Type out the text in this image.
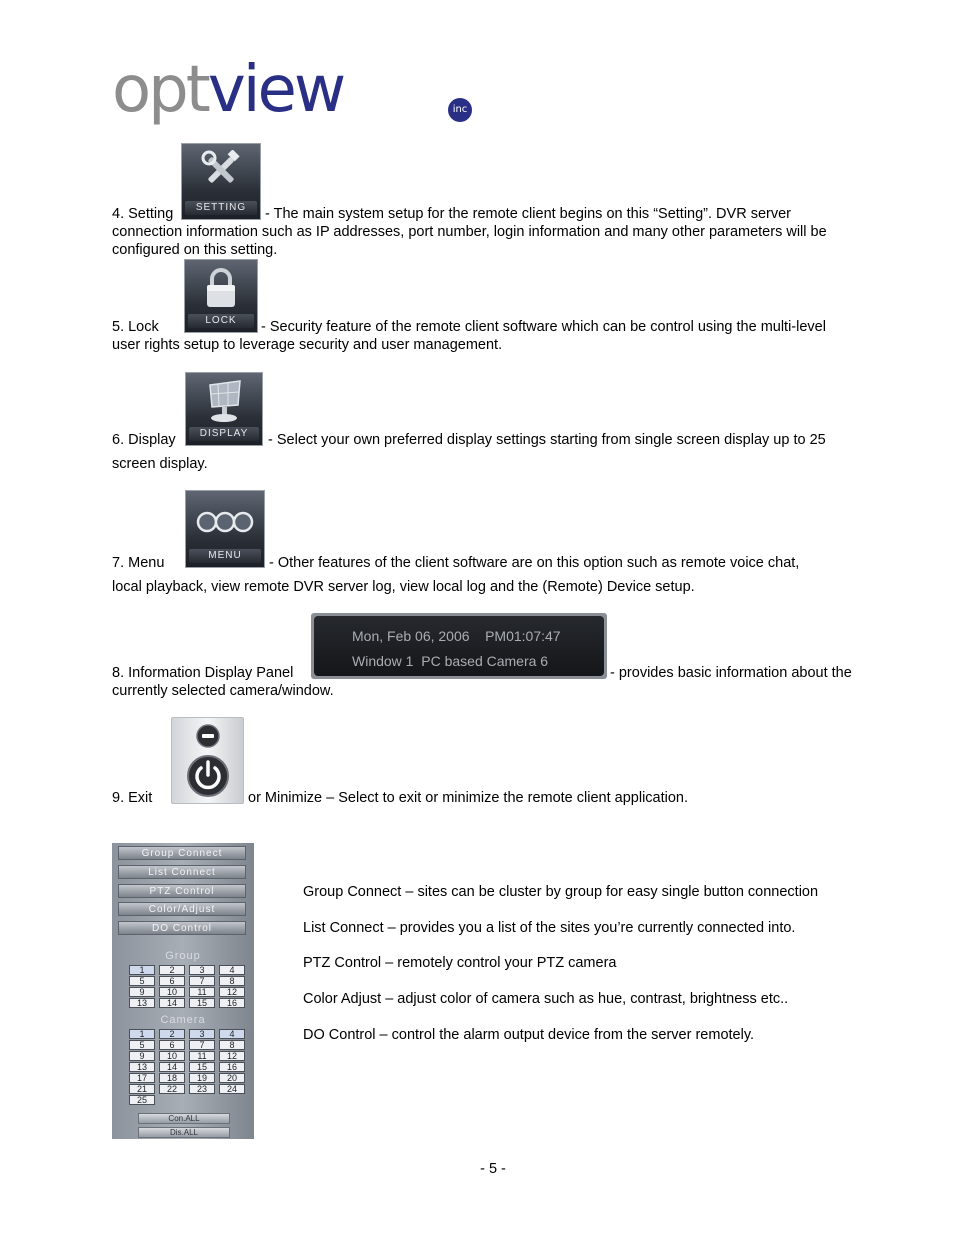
optview	inc
SETTING
4. Setting	- The main system setup for the remote client begins on this “Setting”. DVR server
connection information such as IP addresses, port number, login information and many other parameters will be configured on this setting.
LOCK
5. Lock	- Security feature of the remote client software which can be control using the multi-level
user rights setup to leverage security and user management.
DISPLAY
6. Display	- Select your own preferred display settings starting from single screen display up to 25
screen display.
MENU
7. Menu	- Other features of the client software are on this option such as remote voice chat,
local playback, view remote DVR server log, view local log and the (Remote) Device setup.
Mon, Feb 06, 2006    PM01:07:47
Window 1  PC based Camera 6
8. Information Display Panel	- provides basic information about the
currently selected camera/window.
9. Exit	or Minimize – Select to exit or minimize the remote client application.
Group Connect
List Connect
PTZ Control
Color/Adjust
DO Control
Group
1	2	3	4
5	6	7	8
9	10	11	12
13	14	15	16
Camera
1	2	3	4
5	6	7	8
9	10	11	12
13	14	15	16
17	18	19	20
21	22	23	24
25
Con.ALL
Dis.ALL
Group Connect – sites can be cluster by group for easy single button connection
List Connect – provides you a list of the sites you’re currently connected into.
PTZ Control – remotely control your PTZ camera
Color Adjust – adjust color of camera such as hue, contrast, brightness etc..
DO Control – control the alarm output device from the server remotely.
- 5 -
